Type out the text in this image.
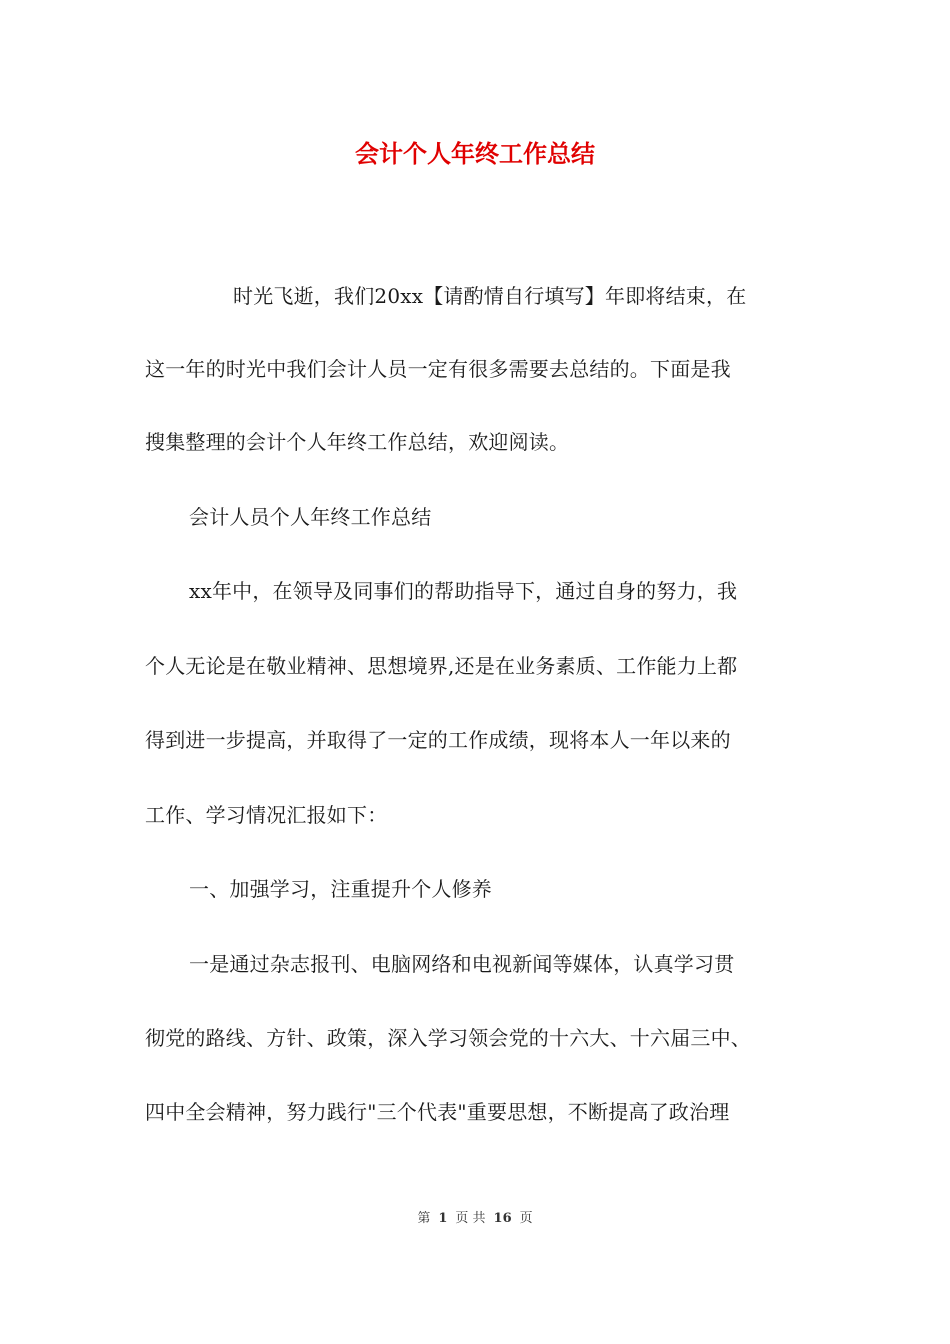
会计个人年终工作总结
时光飞逝，我们20xx【请酌情自行填写】年即将结束，在
这一年的时光中我们会计人员一定有很多需要去总结的。下面是我
搜集整理的会计个人年终工作总结，欢迎阅读。
会计人员个人年终工作总结
xx年中，在领导及同事们的帮助指导下，通过自身的努力，我
个人无论是在敬业精神、思想境界,还是在业务素质、工作能力上都
得到进一步提高，并取得了一定的工作成绩，现将本人一年以来的
工作、学习情况汇报如下：
一、加强学习，注重提升个人修养
一是通过杂志报刊、电脑网络和电视新闻等媒体，认真学习贯
彻党的路线、方针、政策，深入学习领会党的十六大、十六届三中、
四中全会精神，努力践行"三个代表"重要思想，不断提高了政治理
第 1 页 共 16 页
